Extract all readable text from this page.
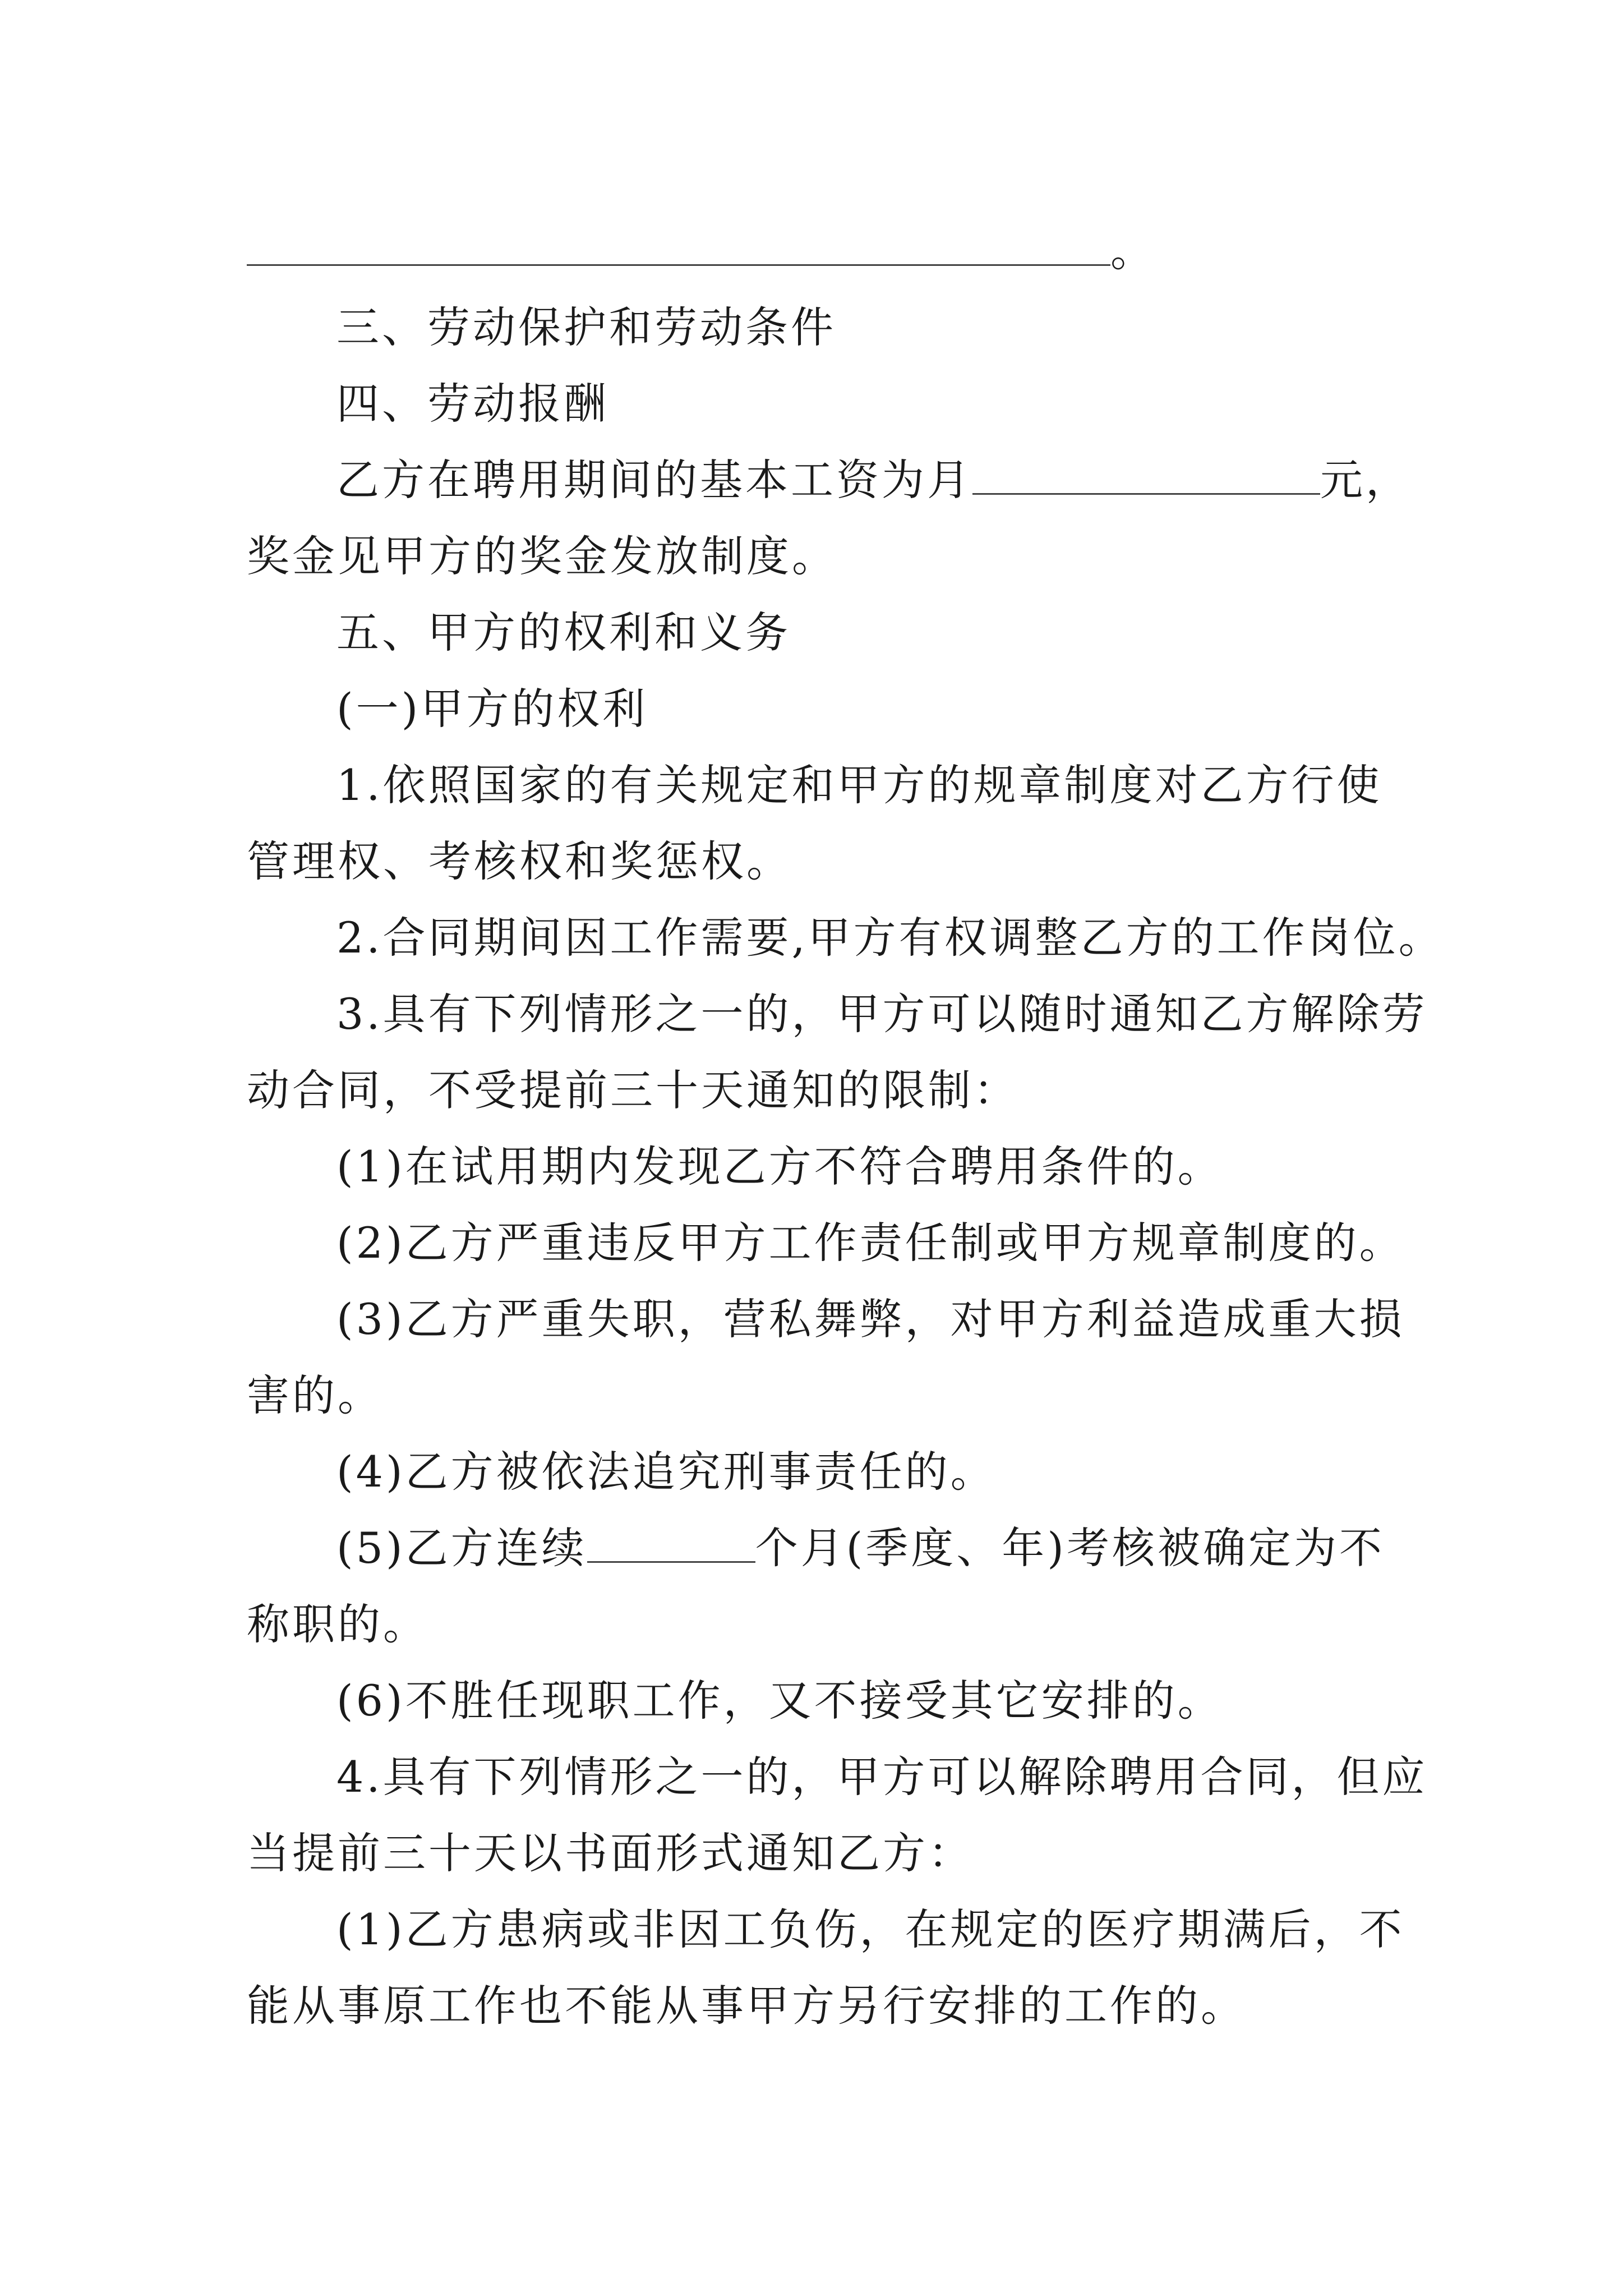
。
三、劳动保护和劳动条件
四、劳动报酬
乙方在聘用期间的基本工资为月	元，
奖金见甲方的奖金发放制度。
五、甲方的权利和义务
(一)甲方的权利
1.依照国家的有关规定和甲方的规章制度对乙方行使
管理权、考核权和奖惩权。
2.合同期间因工作需要,甲方有权调整乙方的工作岗位。
3.具有下列情形之一的，甲方可以随时通知乙方解除劳
动合同，不受提前三十天通知的限制：
(1)在试用期内发现乙方不符合聘用条件的。
(2)乙方严重违反甲方工作责任制或甲方规章制度的。
(3)乙方严重失职，营私舞弊，对甲方利益造成重大损
害的。
(4)乙方被依法追究刑事责任的。
(5)乙方连续	个月(季度、年)考核被确定为不
称职的。
(6)不胜任现职工作，又不接受其它安排的。
4.具有下列情形之一的，甲方可以解除聘用合同，但应
当提前三十天以书面形式通知乙方：
(1)乙方患病或非因工负伤，在规定的医疗期满后，不
能从事原工作也不能从事甲方另行安排的工作的。
